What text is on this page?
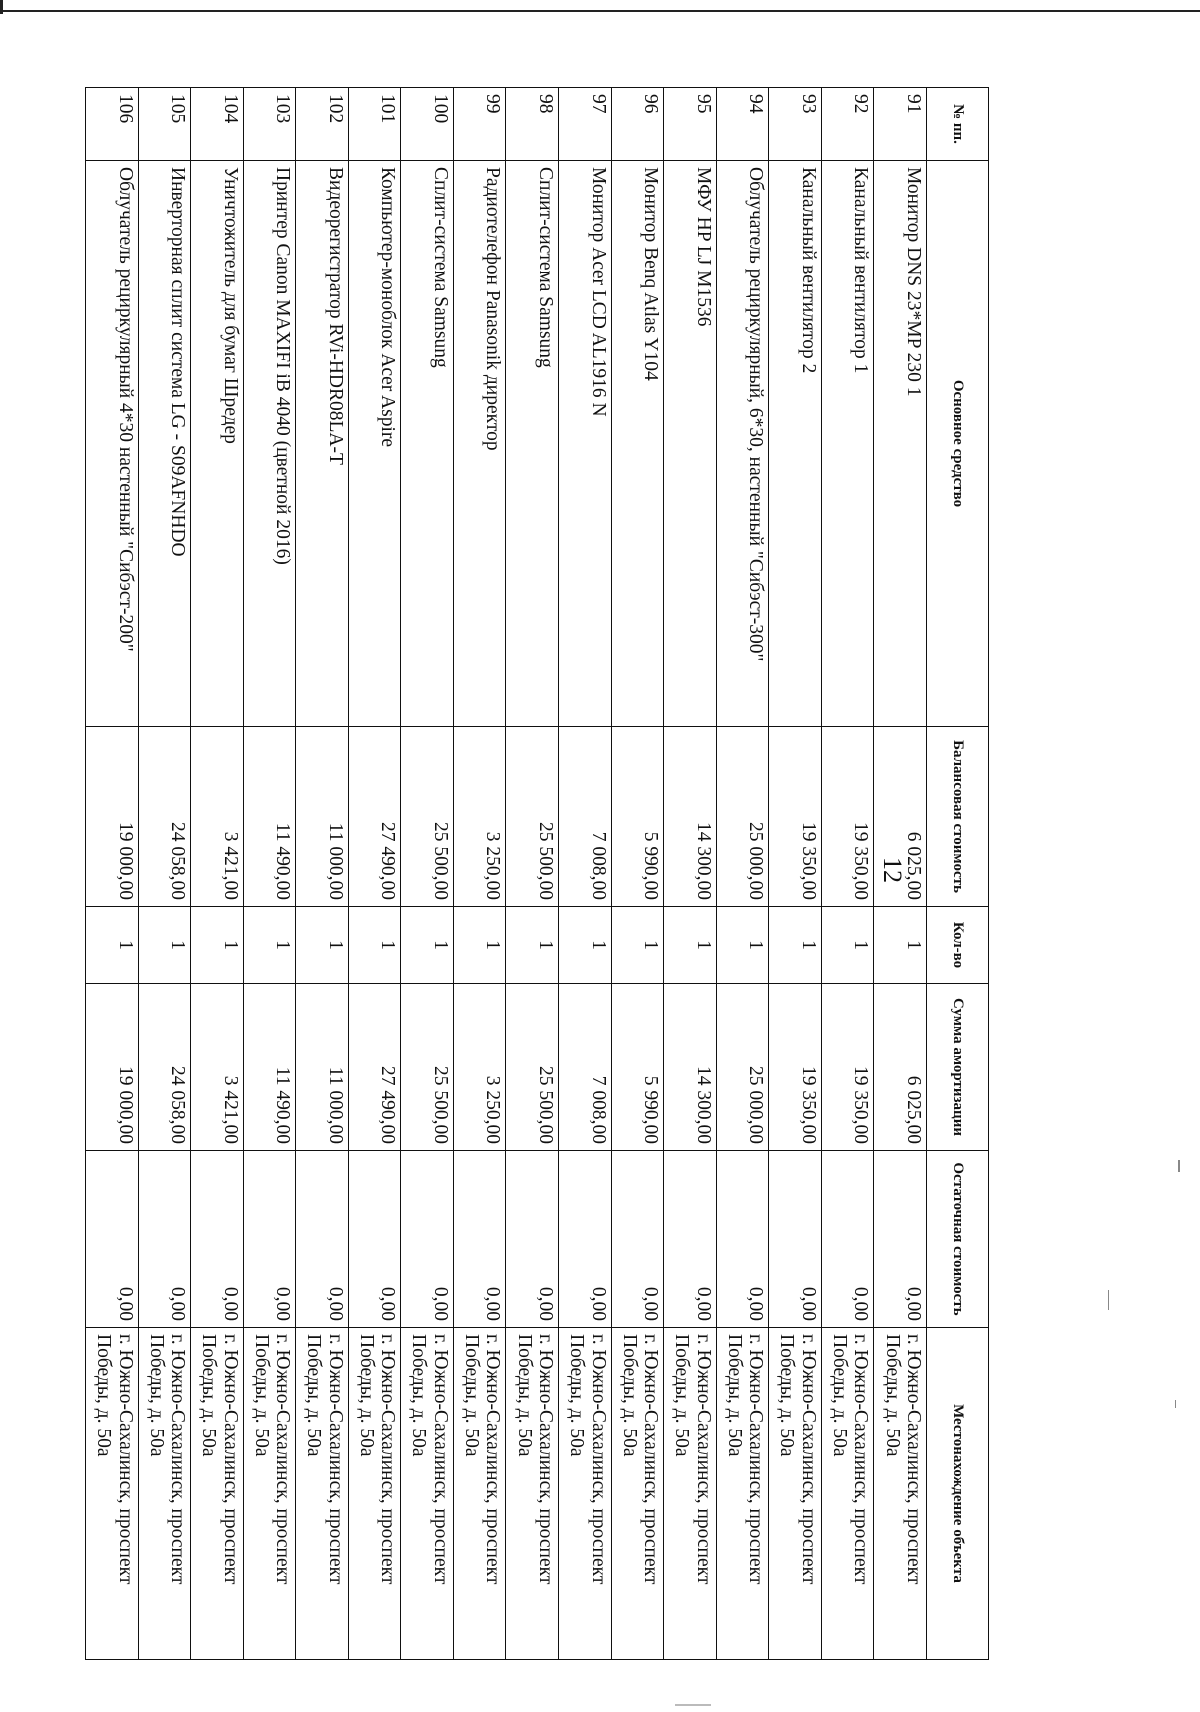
12
№ пп.	Основное средство	Балансовая стоимость	Кол-во	Сумма амортизации	Остаточная стоимость	Местонахождение объекта
91	Монитор DNS 23*MP 230 1	6 025,00	1	6 025,00	0,00	г. Южно-Сахалинск, проспект Победы, д. 50а
92	Канальный вентилятор 1	19 350,00	1	19 350,00	0,00	г. Южно-Сахалинск, проспект Победы, д. 50а
93	Канальный вентилятор 2	19 350,00	1	19 350,00	0,00	г. Южно-Сахалинск, проспект Победы, д. 50а
94	Облучатель рециркулярный, 6*30, настенный "Сибэст-300"	25 000,00	1	25 000,00	0,00	г. Южно-Сахалинск, проспект Победы, д. 50а
95	МФУ HP LJ M1536	14 300,00	1	14 300,00	0,00	г. Южно-Сахалинск, проспект Победы, д. 50а
96	Монитор Benq Atlas Y104	5 990,00	1	5 990,00	0,00	г. Южно-Сахалинск, проспект Победы, д. 50а
97	Монитор Acer LCD AL1916 N	7 008,00	1	7 008,00	0,00	г. Южно-Сахалинск, проспект Победы, д. 50а
98	Сплит-система Samsung	25 500,00	1	25 500,00	0,00	г. Южно-Сахалинск, проспект Победы, д. 50а
99	Радиотелефон Panasonik директор	3 250,00	1	3 250,00	0,00	г. Южно-Сахалинск, проспект Победы, д. 50а
100	Сплит-система Samsung	25 500,00	1	25 500,00	0,00	г. Южно-Сахалинск, проспект Победы, д. 50а
101	Компьютер-моноблок Acer Aspire	27 490,00	1	27 490,00	0,00	г. Южно-Сахалинск, проспект Победы, д. 50а
102	Видеорегистратор RVi-HDR08LA-T	11 000,00	1	11 000,00	0,00	г. Южно-Сахалинск, проспект Победы, д. 50а
103	Принтер Canon MAXIFI iB 4040 (цветной 2016)	11 490,00	1	11 490,00	0,00	г. Южно-Сахалинск, проспект Победы, д. 50а
104	Уничтожитель для бумаг Шредер	3 421,00	1	3 421,00	0,00	г. Южно-Сахалинск, проспект Победы, д. 50а
105	Инверторная сплит система LG - S09AFNHDO	24 058,00	1	24 058,00	0,00	г. Южно-Сахалинск, проспект Победы, д. 50а
106	Облучатель рециркулярный 4*30 настенный "Сибэст-200"	19 000,00	1	19 000,00	0,00	г. Южно-Сахалинск, проспект Победы, д. 50а
